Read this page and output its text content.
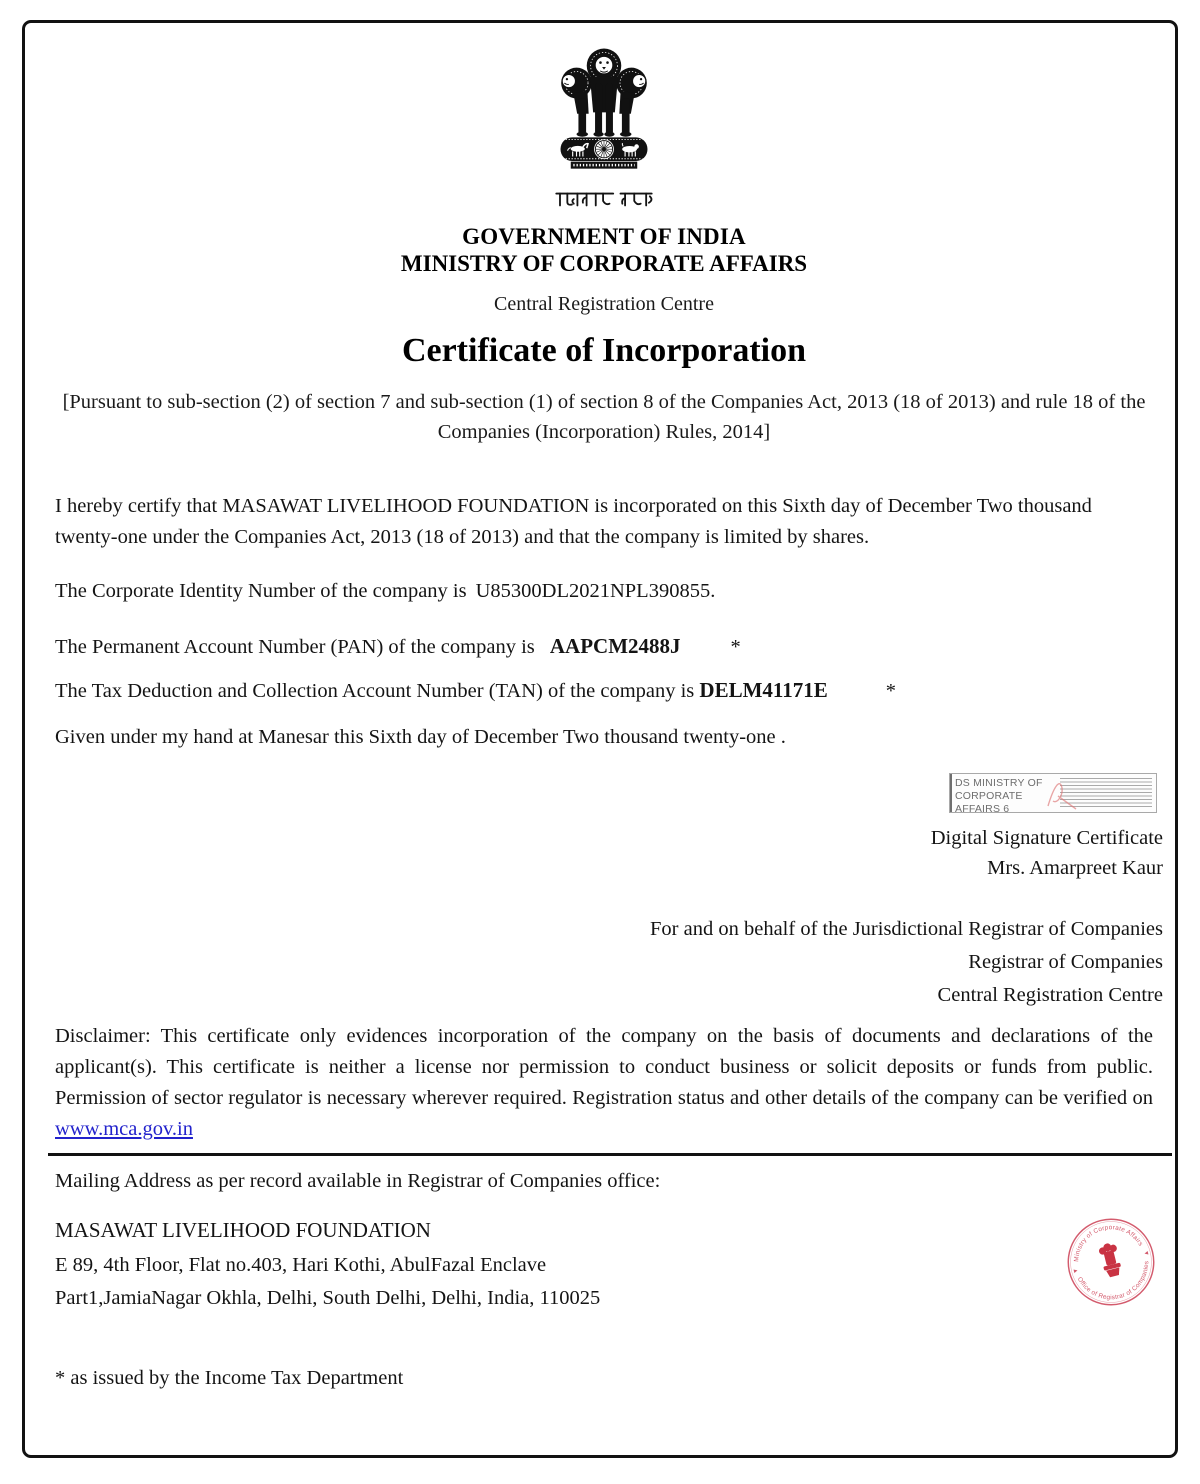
GOVERNMENT OF INDIA
MINISTRY OF CORPORATE AFFAIRS
Central Registration Centre
Certificate of Incorporation
[Pursuant to sub-section (2) of section 7 and sub-section (1) of section 8 of the Companies Act, 2013 (18 of 2013) and rule 18 of the Companies (Incorporation) Rules, 2014]

I hereby certify that MASAWAT LIVELIHOOD FOUNDATION is incorporated on this Sixth day of December Two thousand twenty-one under the Companies Act, 2013 (18 of 2013) and that the company is limited by shares.

The Corporate Identity Number of the company is U85300DL2021NPL390855.

The Permanent Account Number (PAN) of the company is AAPCM2488J *

The Tax Deduction and Collection Account Number (TAN) of the company is DELM41171E	*

Given under my hand at Manesar this Sixth day of December Two thousand twenty-one .

DS MINISTRY OF CORPORATE AFFAIRS 6
Digital Signature Certificate
Mrs. Amarpreet Kaur
For and on behalf of the Jurisdictional Registrar of Companies
Registrar of Companies
Central Registration Centre

Disclaimer: This certificate only evidences incorporation of the company on the basis of documents and declarations of the applicant(s). This certificate is neither a license nor permission to conduct business or solicit deposits or funds from public. Permission of sector regulator is necessary wherever required. Registration status and other details of the company can be verified on www.mca.gov.in

Mailing Address as per record available in Registrar of Companies office:

MASAWAT LIVELIHOOD FOUNDATION

E 89, 4th Floor, Flat no.403, Hari Kothi, AbulFazal Enclave

Part1,JamiaNagar Okhla, Delhi, South Delhi, Delhi, India, 110025

Ministry of Corporate Affairs
Office of Registrar of Companies

* as issued by the Income Tax Department
